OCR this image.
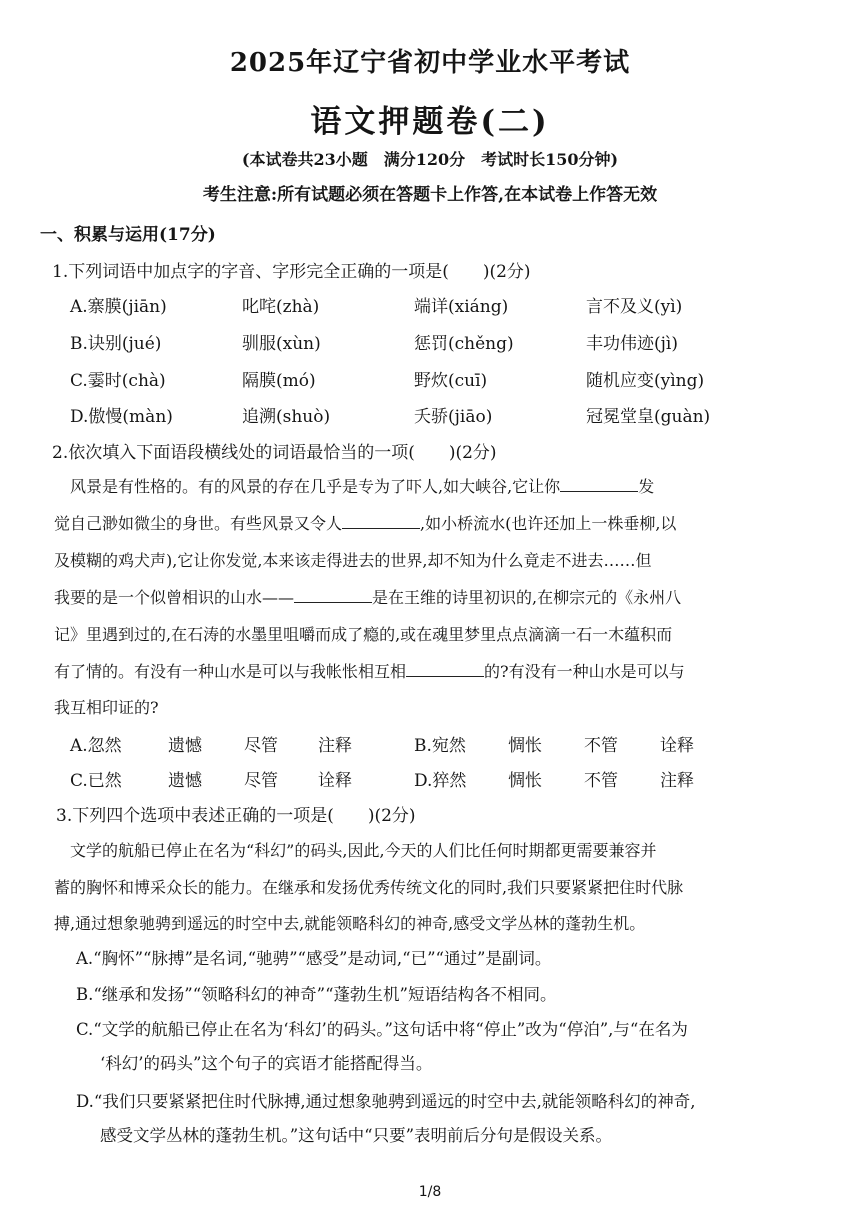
2025年辽宁省初中学业水平考试
语文押题卷(二)
(本试卷共23小题　满分120分　考试时长150分钟)
考生注意:所有试题必须在答题卡上作答,在本试卷上作答无效
一、积累与运用(17分)
1.下列词语中加点字的字音、字形完全正确的一项是(　　)(2分)
A.寨膜(jiān)	叱咤(zhà)	端详(xiáng)	言不及义(yì)
B.诀别(jué)	驯服(xùn)	惩罚(chěng)	丰功伟迹(jì)
C.霎时(chà)	隔膜(mó)	野炊(cuī)	随机应变(yìng)
D.傲慢(màn)	追溯(shuò)	夭骄(jiāo)	冠冕堂皇(guàn)
2.依次填入下面语段横线处的词语最恰当的一项(　　)(2分)
　风景是有性格的。有的风景的存在几乎是专为了吓人,如大峡谷,它让你	发
觉自己渺如微尘的身世。有些风景又令人	,如小桥流水(也许还加上一株垂柳,以
及模糊的鸡犬声),它让你发觉,本来该走得进去的世界,却不知为什么竟走不进去……但
我要的是一个似曾相识的山水——	是在王维的诗里初识的,在柳宗元的《永州八
记》里遇到过的,在石涛的水墨里咀嚼而成了瘾的,或在魂里梦里点点滴滴一石一木蕴积而
有了情的。有没有一种山水是可以与我帐怅相互相	的?有没有一种山水是可以与
我互相印证的?
A.忽然	遗憾 尽管 注释	B.宛然 惆怅 不管 诠释
C.已然	遗憾 尽管 诠释	D.猝然 惆怅 不管 注释
3.下列四个选项中表述正确的一项是(　　)(2分)
　文学的航船已停止在名为“科幻”的码头,因此,今天的人们比任何时期都更需要兼容并
蓄的胸怀和博采众长的能力。在继承和发扬优秀传统文化的同时,我们只要紧紧把住时代脉
搏,通过想象驰骋到遥远的时空中去,就能领略科幻的神奇,感受文学丛林的蓬勃生机。
A.“胸怀”“脉搏”是名词,“驰骋”“感受”是动词,“已”“通过”是副词。
B.“继承和发扬”“领略科幻的神奇”“蓬勃生机”短语结构各不相同。
C.“文学的航船已停止在名为‘科幻’的码头。”这句话中将“停止”改为“停泊”,与“在名为
‘科幻’的码头”这个句子的宾语才能搭配得当。
D.“我们只要紧紧把住时代脉搏,通过想象驰骋到遥远的时空中去,就能领略科幻的神奇,
感受文学丛林的蓬勃生机。”这句话中“只要”表明前后分句是假设关系。
1/8
